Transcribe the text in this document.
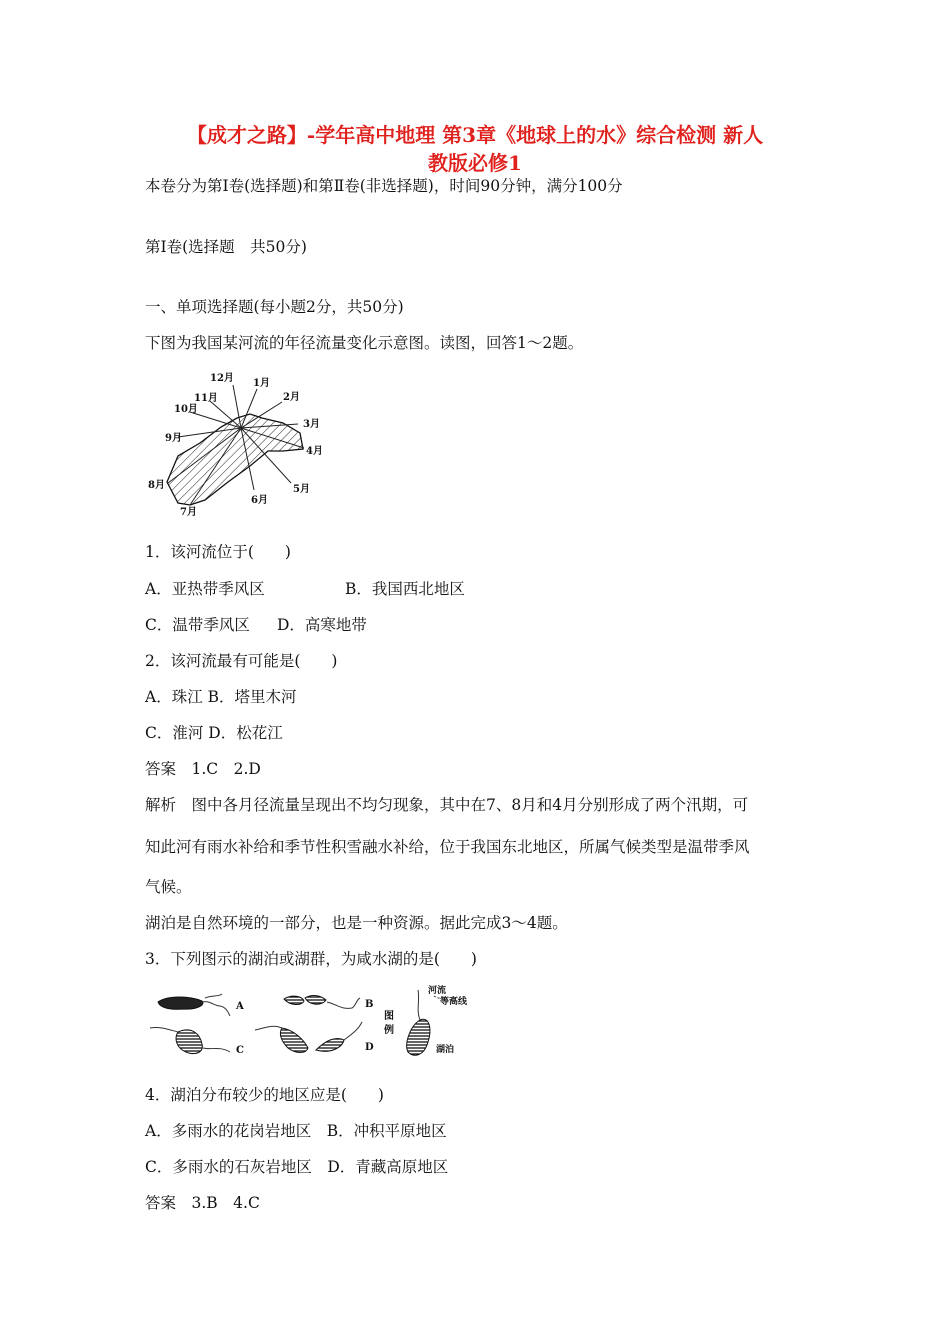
【成才之路】-学年高中地理 第3章《地球上的水》综合检测 新人
教版必修1
本卷分为第Ⅰ卷(选择题)和第Ⅱ卷(非选择题)，时间90分钟，满分100分
第Ⅰ卷(选择题　共50分)
一、单项选择题(每小题2分，共50分)
下图为我国某河流的年径流量变化示意图。读图，回答1～2题。
1月
2月
3月
4月
5月
6月
7月
8月
9月
10月
11月
12月
1．该河流位于(　　)
A．亚热带季风区	B．我国西北地区
C．温带季风区 D．高寒地带
2．该河流最有可能是(　　)
A．珠江 B．塔里木河
C．淮河 D．松花江
答案　1.C　2.D
解析　图中各月径流量呈现出不均匀现象，其中在7、8月和4月分别形成了两个汛期，可
知此河有雨水补给和季节性积雪融水补给，位于我国东北地区，所属气候类型是温带季风
气候。
湖泊是自然环境的一部分，也是一种资源。据此完成3～4题。
3．下列图示的湖泊或湖群，为咸水湖的是(　　)
A	B
C	D
图
例
河流
等高线
湖泊
4．湖泊分布较少的地区应是(　　)
A．多雨水的花岗岩地区　B．冲积平原地区
C．多雨水的石灰岩地区　D．青藏高原地区
答案　3.B　4.C
